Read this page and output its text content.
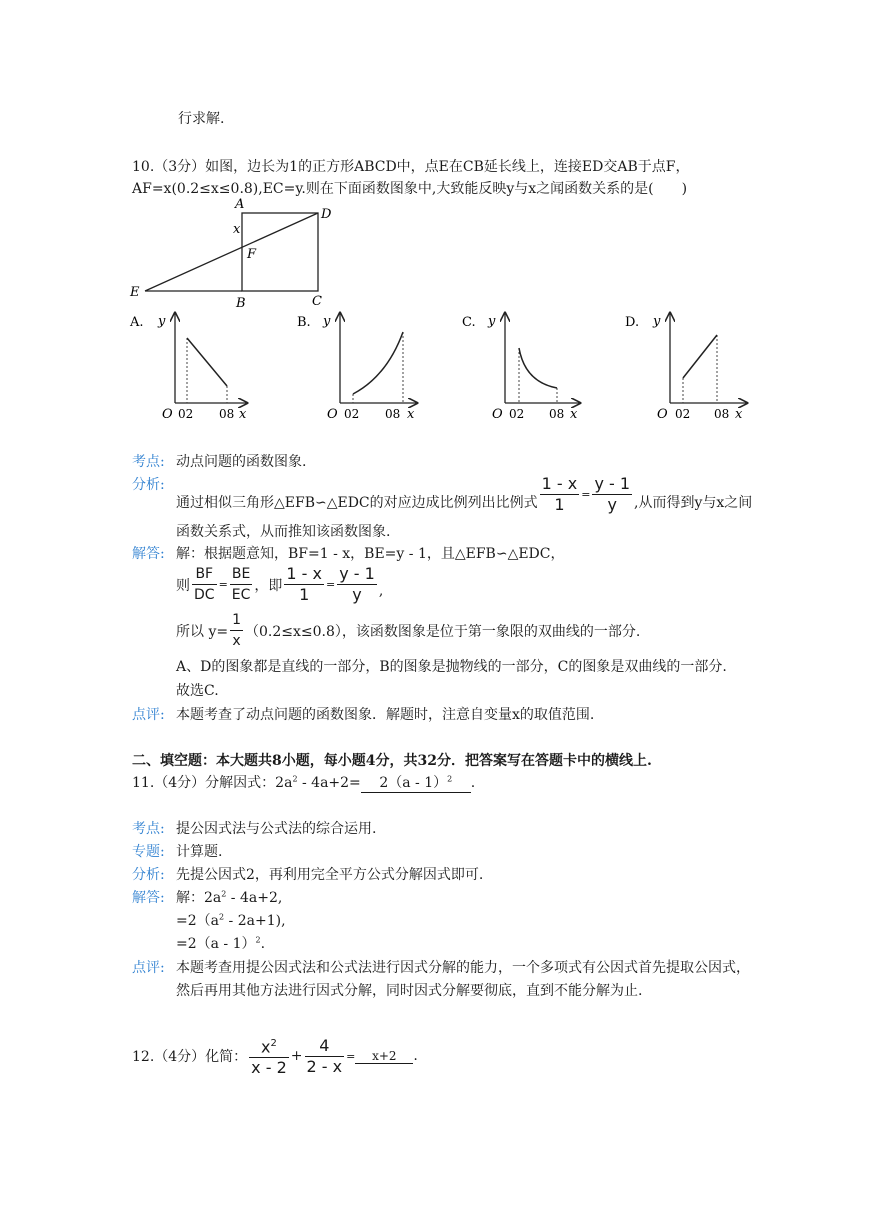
行求解.
10.（3分）如图，边长为1的正方形ABCD中，点E在CB延长线上，连接ED交AB于点F，
AF=x(0.2≤x≤0.8),EC=y.则在下面函数图象中,大致能反映y与x之闻函数关系的是(　　)
A
D
x
F
E
B	C
A.	B.	C.	D.
y
O 02 08 x
y
O 02 08 x
y
O 02 08 x
y
O 02 08 x
考点: 动点问题的函数图象.
分析:
通过相似三角形△EFB∽△EDC的对应边成比例列出比例式 $\frac{1 - x}{1} = \frac{y - 1}{y}$ ,从而得到y与x之间
函数关系式，从而推知该函数图象.
解答: 解：根据题意知，BF=1 - x，BE=y - 1，且△EFB∽△EDC，
则 $\frac{BF}{DC} = \frac{BE}{EC}$ ，即 $\frac{1 - x}{1} = \frac{y - 1}{y}$ ,
所以 $y= \frac{1}{x} (0.2\le x\le 0.8)$，该函数图象是位于第一象限的双曲线的一部分.
A、D的图象都是直线的一部分，B的图象是抛物线的一部分，C的图象是双曲线的一部分.
故选C.
点评: 本题考查了动点问题的函数图象．解题时，注意自变量x的取值范围.
二、填空题：本大题共8小题，每小题4分，共32分．把答案写在答题卡中的横线上.
11.（4分）分解因式：$2a^2 - 4a+2= 2(a - 1)^2$ .
考点: 提公因式法与公式法的综合运用.
专题: 计算题.
分析: 先提公因式2，再利用完全平方公式分解因式即可.
解答: 解：$2a^2 - 4a+2$,
$=2(a^2 - 2a+1)$,
=2（a - 1）$^2$.
点评: 本题考查用提公因式法和公式法进行因式分解的能力，一个多项式有公因式首先提取公因式，
然后再用其他方法进行因式分解，同时因式分解要彻底，直到不能分解为止.
12.（4分）化简： $\frac{x^2}{x - 2} + \frac{4}{2 - x}$ =	x+2	.
